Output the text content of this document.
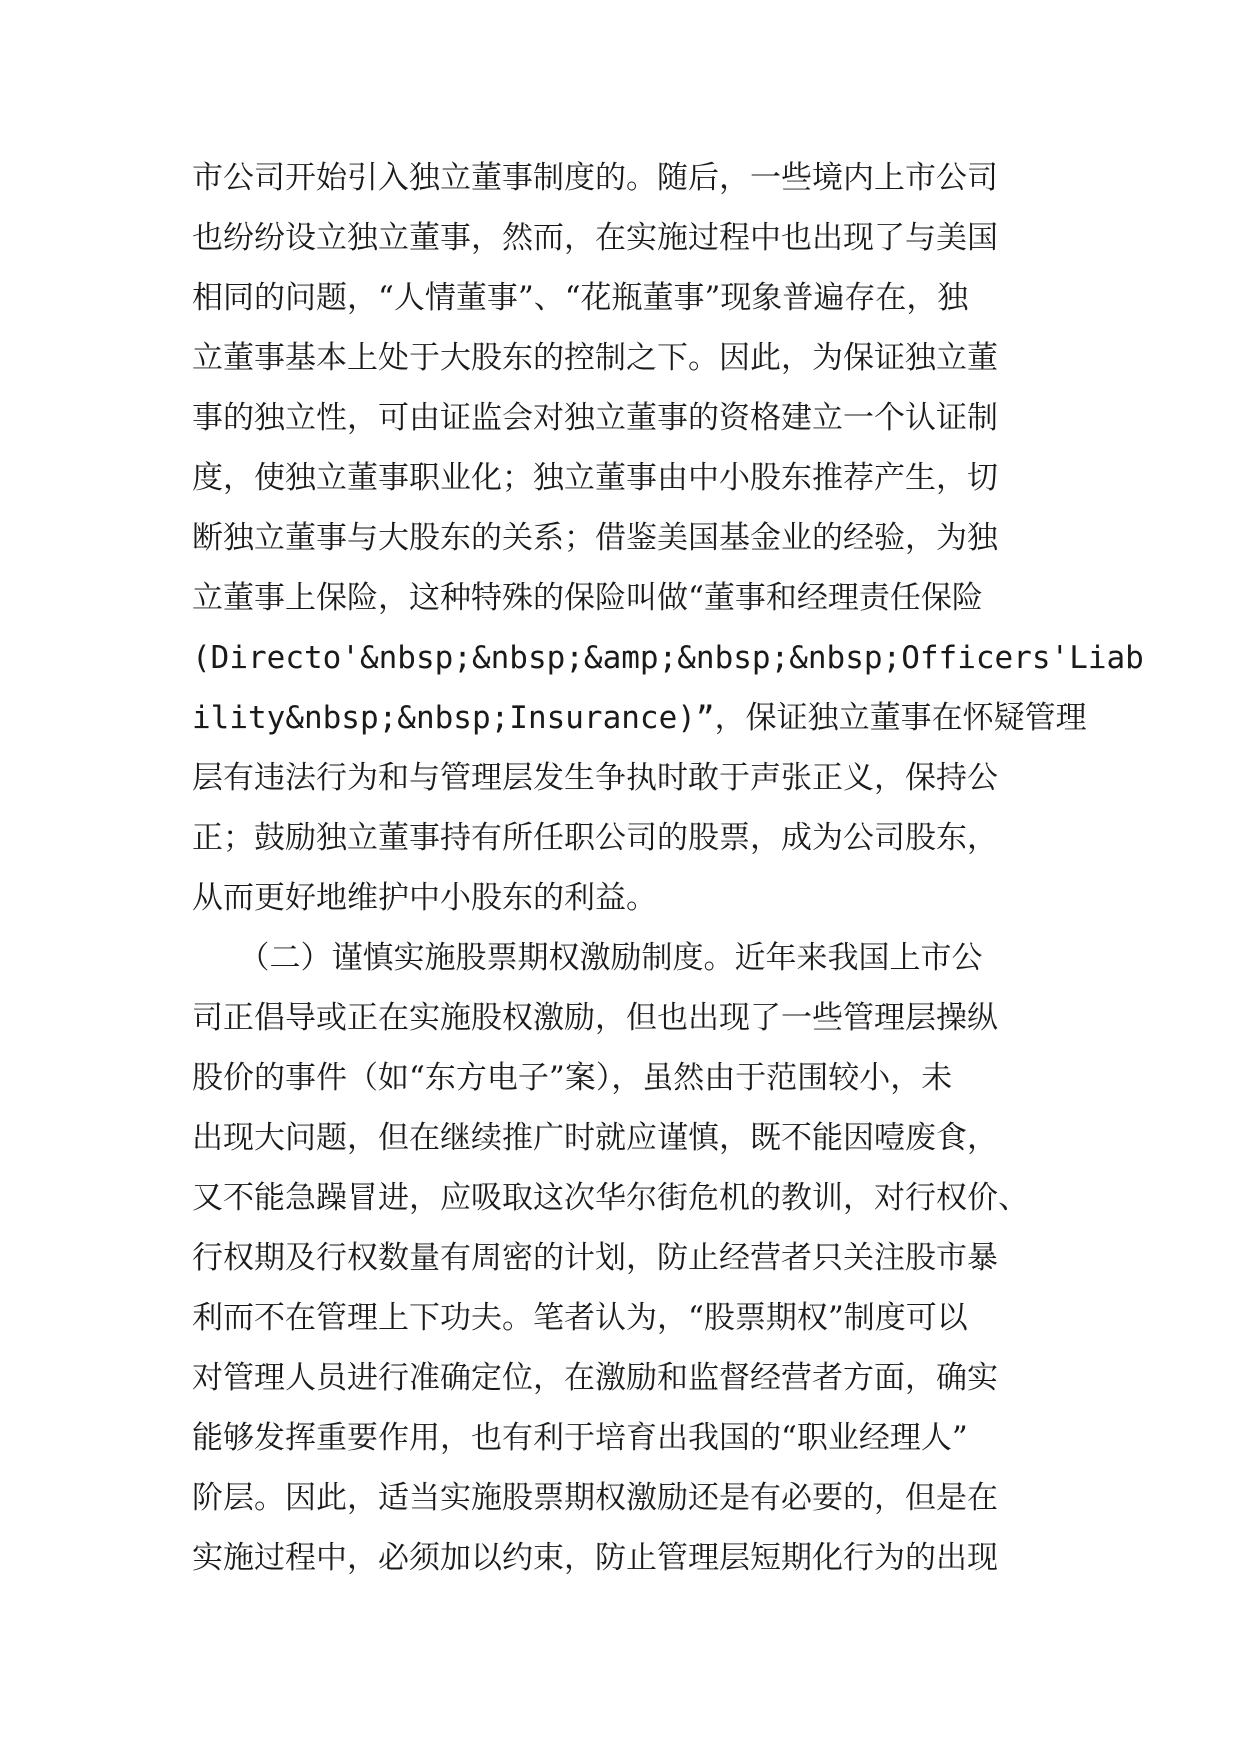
市公司开始引入独立董事制度的。随后，一些境内上市公司
也纷纷设立独立董事，然而，在实施过程中也出现了与美国
相同的问题，“人情董事”、“花瓶董事”现象普遍存在，独
立董事基本上处于大股东的控制之下。因此，为保证独立董
事的独立性，可由证监会对独立董事的资格建立一个认证制
度，使独立董事职业化；独立董事由中小股东推荐产生，切
断独立董事与大股东的关系；借鉴美国基金业的经验，为独
立董事上保险，这种特殊的保险叫做“董事和经理责任保险
(Directo'&nbsp;&nbsp;&amp;&nbsp;&nbsp;Officers'Liab
ility&nbsp;&nbsp;Insurance)”，保证独立董事在怀疑管理
层有违法行为和与管理层发生争执时敢于声张正义，保持公
正；鼓励独立董事持有所任职公司的股票，成为公司股东，
从而更好地维护中小股东的利益。
　　（二）谨慎实施股票期权激励制度。近年来我国上市公
司正倡导或正在实施股权激励，但也出现了一些管理层操纵
股价的事件（如“东方电子”案），虽然由于范围较小，未
出现大问题，但在继续推广时就应谨慎，既不能因噎废食，
又不能急躁冒进，应吸取这次华尔街危机的教训，对行权价、
行权期及行权数量有周密的计划，防止经营者只关注股市暴
利而不在管理上下功夫。笔者认为，“股票期权”制度可以
对管理人员进行准确定位，在激励和监督经营者方面，确实
能够发挥重要作用，也有利于培育出我国的“职业经理人”
阶层。因此，适当实施股票期权激励还是有必要的，但是在
实施过程中，必须加以约束，防止管理层短期化行为的出现
